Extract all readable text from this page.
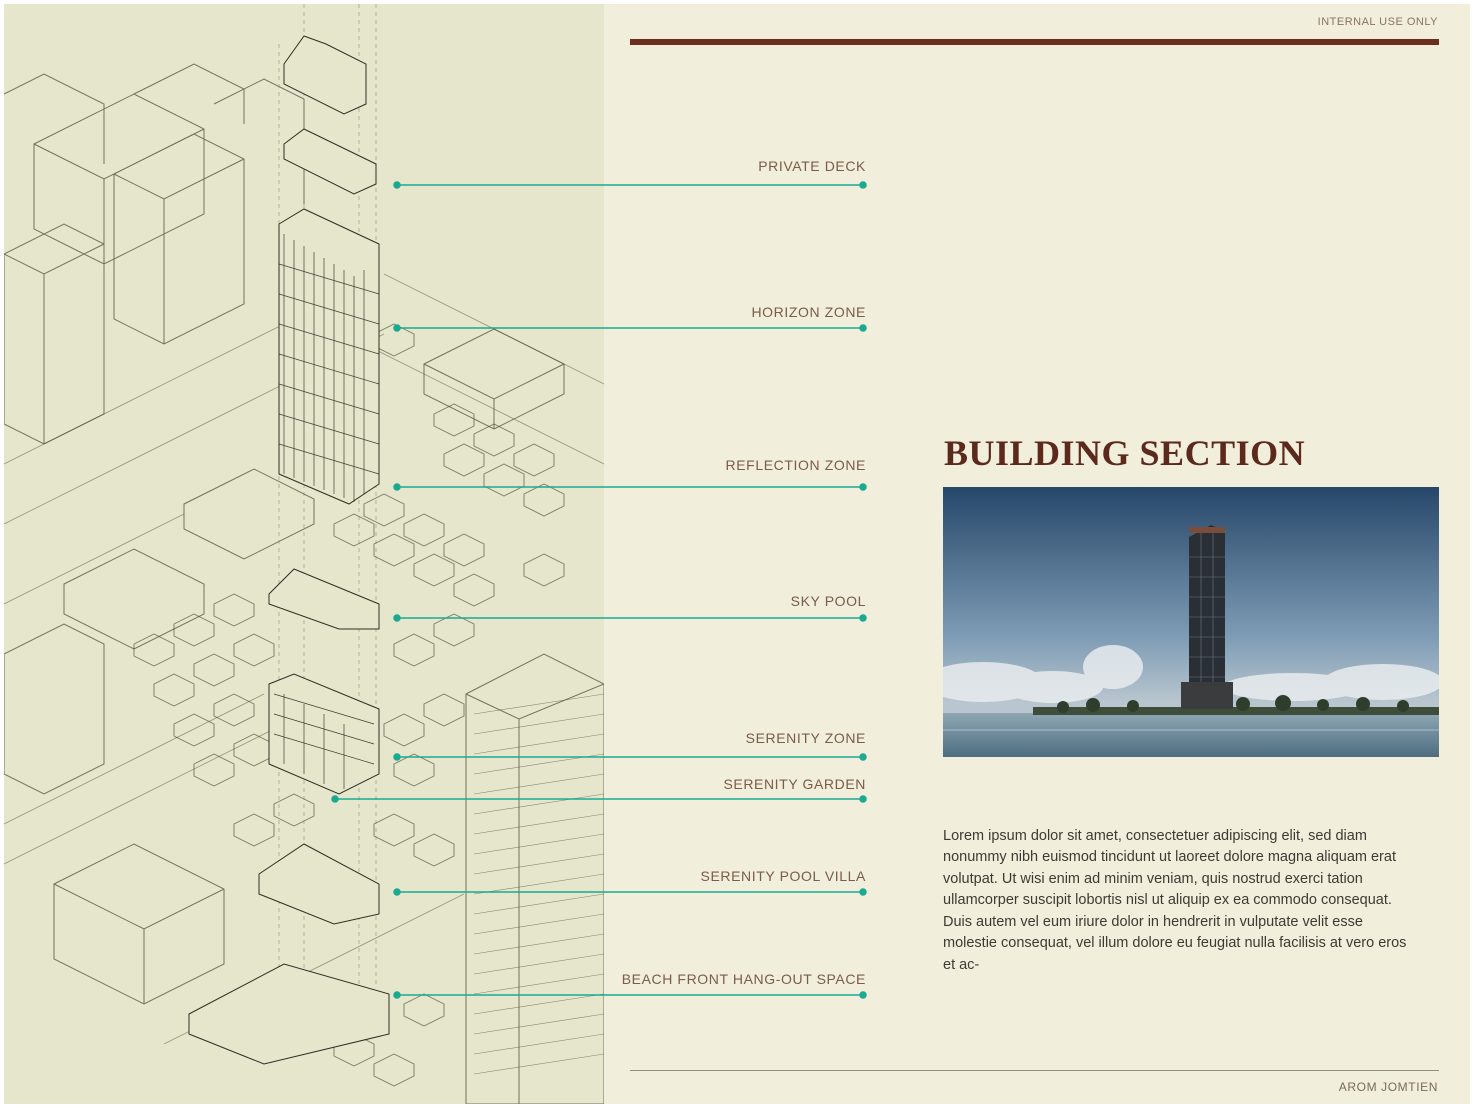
INTERNAL USE ONLY
PRIVATE DECK
HORIZON ZONE
REFLECTION ZONE
SKY POOL
SERENITY ZONE
SERENITY GARDEN
SERENITY POOL VILLA
BEACH FRONT HANG-OUT SPACE
BUILDING SECTION

Lorem ipsum dolor sit amet, consectetuer adipiscing elit, sed diam nonummy nibh euismod tincidunt ut laoreet dolore magna aliquam erat volutpat. Ut wisi enim ad minim veniam, quis nostrud exerci tation ullamcorper suscipit lobortis nisl ut aliquip ex ea commodo consequat. Duis autem vel eum iriure dolor in hendrerit in vulputate velit esse molestie consequat, vel illum dolore eu feugiat nulla facilisis at vero eros et ac-

AROM JOMTIEN
